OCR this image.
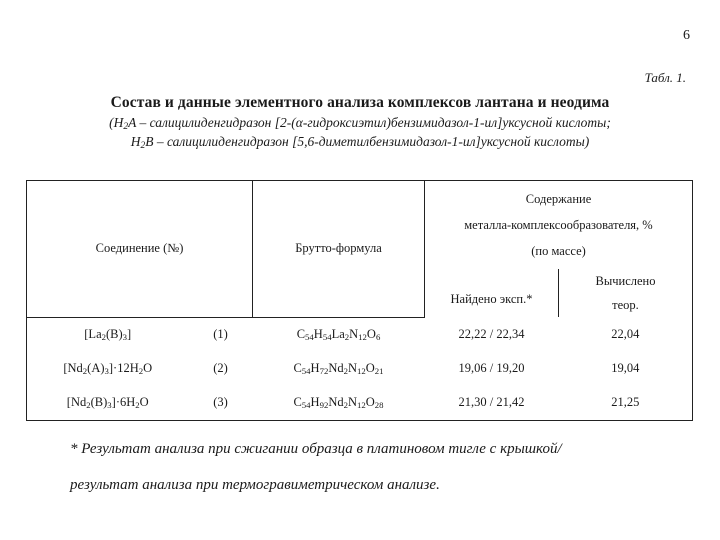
6
Табл. 1.
Состав и данные элементного анализа комплексов лантана и неодима
($H_2A$ – салицилиденгидразон [2-(α-гидроксиэтил)бензимидазол-1-ил]уксусной кислоты;
$H_2B$ – салицилиденгидразон [5,6-диметилбензимидазол-1-ил]уксусной кислоты)
Соединение (№)		Брутто-формула	Содержание
металла-комплексообразователя, %
(по массе)	

			Найдено эксп.*	Вычислено
теор.

$[La_2(B)_3]$	(1)	$C_{54}H_{54}La_2N_{12}O_6$	22,22 / 22,34	22,04
$[Nd_2(A)_3]\cdot 12H_2O$	(2)	$C_{54}H_{72}Nd_2N_{12}O_{21}$	19,06 / 19,20	19,04
$[Nd_2(B)_3]\cdot 6H_2O$	(3)	$C_{54}H_{92}Nd_2N_{12}O_{28}$	21,30 / 21,42	21,25
* Результат анализа при сжигании образца в платиновом тигле с крышкой/
результат анализа при термогравиметрическом анализе.
